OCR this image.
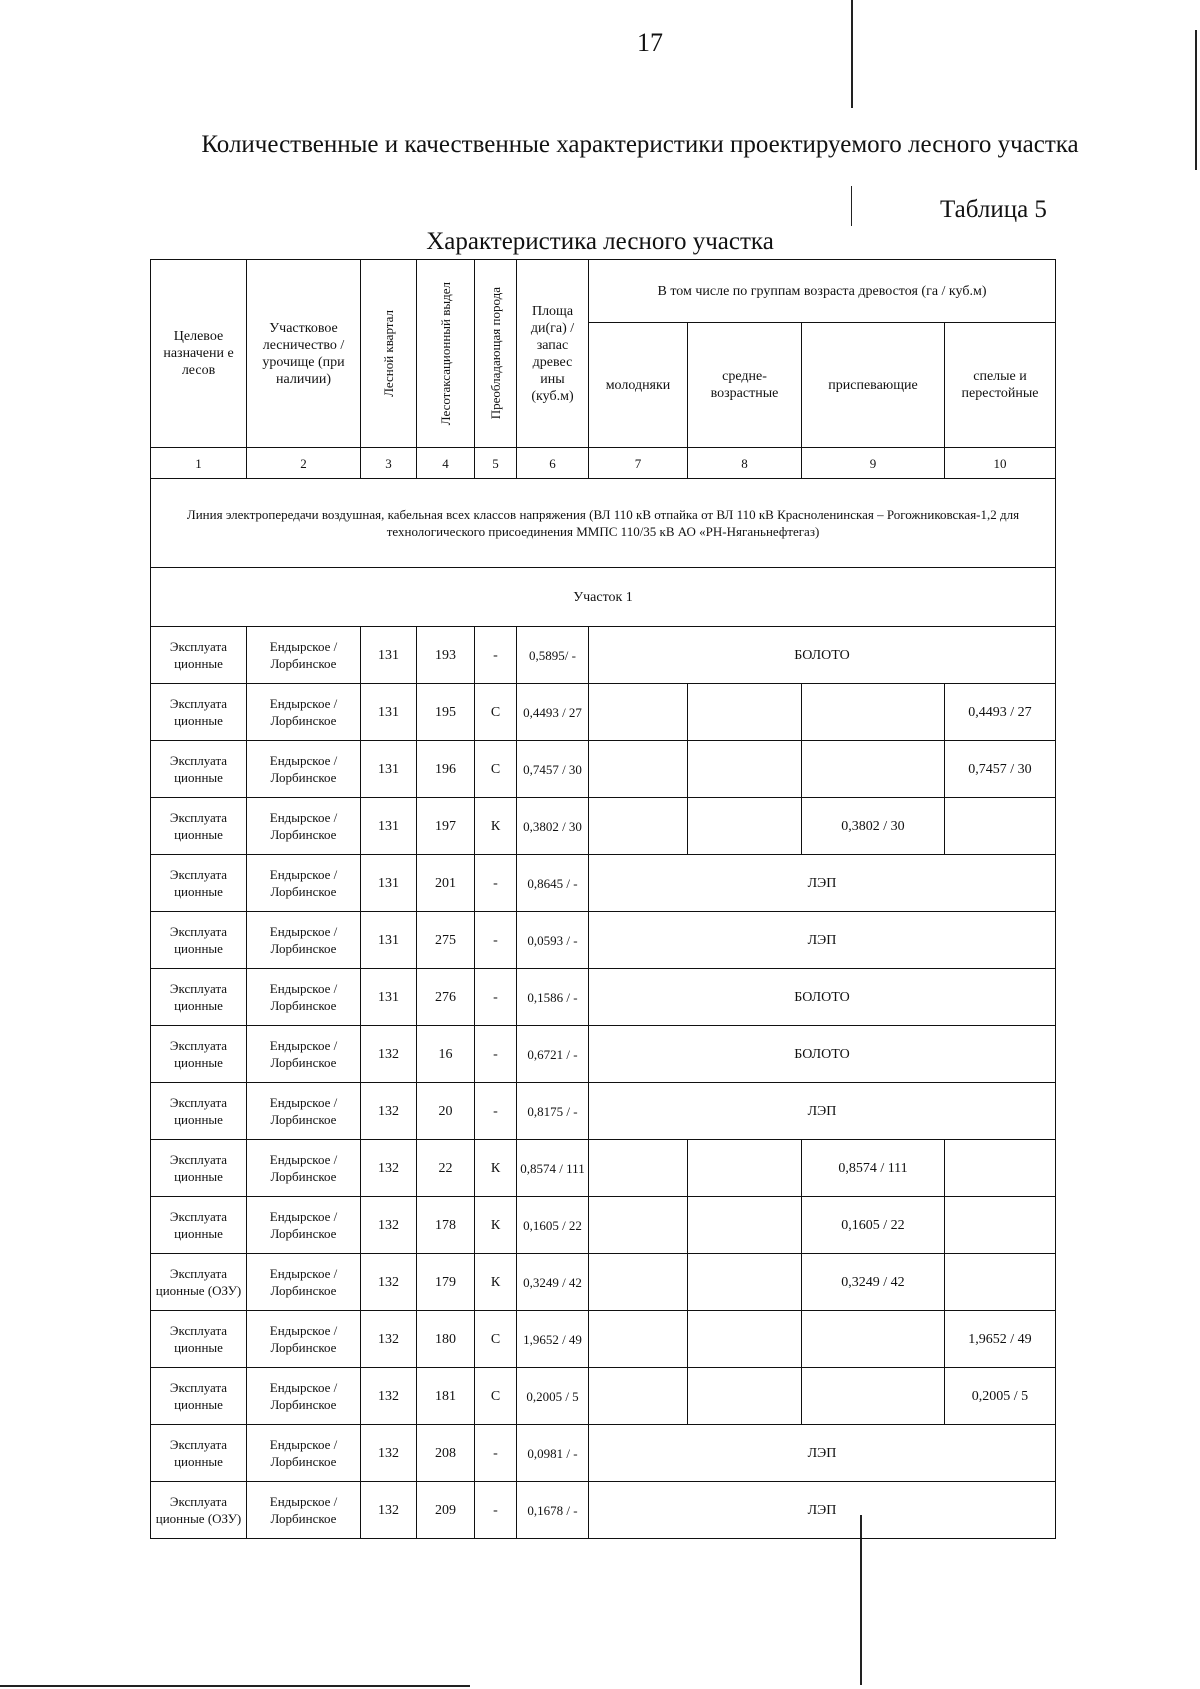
17
Количественные и качественные характеристики проектируемого лесного участка
Таблица 5
Характеристика лесного участка
Целевое назначени е лесов	Участковое лесничество / урочище (при наличии)	Лесной квартал	Лесотаксационный выдел	Преобладающая порода	Площа ди(га) / запас древес ины (куб.м)	В том числе по группам возраста древостоя (га / куб.м)			
						молодняки	средне-возрастные	приспевающие	спелые и перестойные
1	2	3	4	5	6	7	8	9	10
Линия электропередачи воздушная, кабельная всех классов напряжения (ВЛ 110 кВ отпайка от ВЛ 110 кВ Красноленинская – Рогожниковская-1,2 для технологического присоединения ММПС 110/35 кВ АО «РН-Няганьнефтегаз)									
Участок 1									
Эксплуата ционные	Ендырское / Лорбинское	131	193	-	0,5895/ -	БОЛОТО			
Эксплуата ционные	Ендырское / Лорбинское	131	195	С	0,4493 / 27				0,4493 / 27
Эксплуата ционные	Ендырское / Лорбинское	131	196	С	0,7457 / 30				0,7457 / 30
Эксплуата ционные	Ендырское / Лорбинское	131	197	К	0,3802 / 30			0,3802 / 30	
Эксплуата ционные	Ендырское / Лорбинское	131	201	-	0,8645 / -	ЛЭП			
Эксплуата ционные	Ендырское / Лорбинское	131	275	-	0,0593 / -	ЛЭП			
Эксплуата ционные	Ендырское / Лорбинское	131	276	-	0,1586 / -	БОЛОТО			
Эксплуата ционные	Ендырское / Лорбинское	132	16	-	0,6721 / -	БОЛОТО			
Эксплуата ционные	Ендырское / Лорбинское	132	20	-	0,8175 / -	ЛЭП			
Эксплуата ционные	Ендырское / Лорбинское	132	22	К	0,8574 / 111			0,8574 / 111	
Эксплуата ционные	Ендырское / Лорбинское	132	178	К	0,1605 / 22			0,1605 / 22	
Эксплуата ционные (ОЗУ)	Ендырское / Лорбинское	132	179	К	0,3249 / 42			0,3249 / 42	
Эксплуата ционные	Ендырское / Лорбинское	132	180	С	1,9652 / 49				1,9652 / 49
Эксплуата ционные	Ендырское / Лорбинское	132	181	С	0,2005 / 5				0,2005 / 5
Эксплуата ционные	Ендырское / Лорбинское	132	208	-	0,0981 / -	ЛЭП			
Эксплуата ционные (ОЗУ)	Ендырское / Лорбинское	132	209	-	0,1678 / -	ЛЭП			
